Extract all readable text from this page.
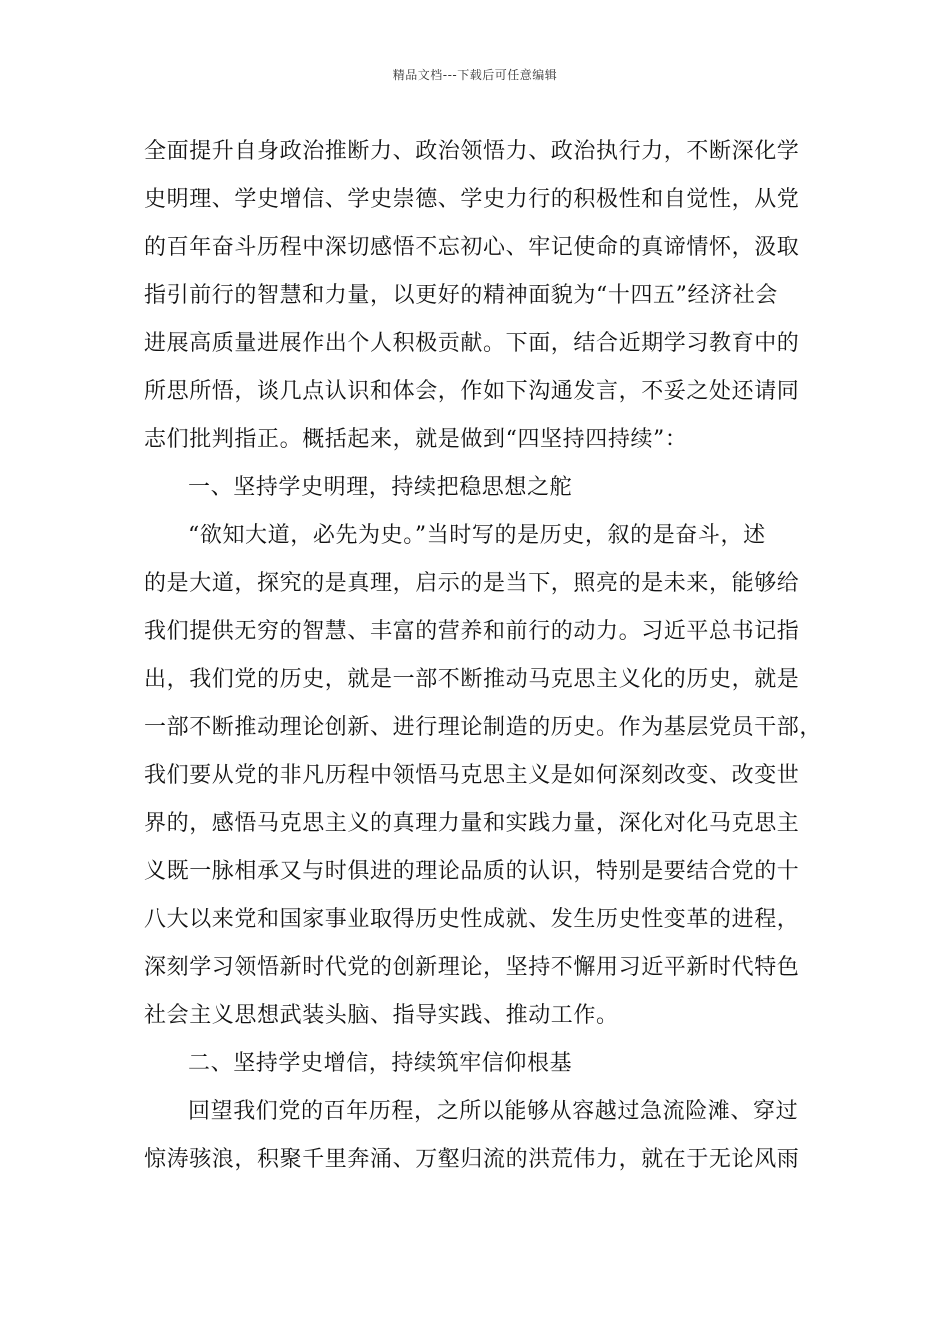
精品文档---下载后可任意编辑
全面提升自身政治推断力、政治领悟力、政治执行力，不断深化学
史明理、学史增信、学史崇德、学史力行的积极性和自觉性，从党
的百年奋斗历程中深切感悟不忘初心、牢记使命的真谛情怀，汲取
指引前行的智慧和力量，以更好的精神面貌为“十四五”经济社会
进展高质量进展作出个人积极贡献。下面，结合近期学习教育中的
所思所悟，谈几点认识和体会，作如下沟通发言，不妥之处还请同
志们批判指正。概括起来，就是做到“四坚持四持续”：
一、坚持学史明理，持续把稳思想之舵
“欲知大道，必先为史。”当时写的是历史，叙的是奋斗，述
的是大道，探究的是真理，启示的是当下，照亮的是未来，能够给
我们提供无穷的智慧、丰富的营养和前行的动力。习近平总书记指
出，我们党的历史，就是一部不断推动马克思主义化的历史，就是
一部不断推动理论创新、进行理论制造的历史。作为基层党员干部，
我们要从党的非凡历程中领悟马克思主义是如何深刻改变、改变世
界的，感悟马克思主义的真理力量和实践力量，深化对化马克思主
义既一脉相承又与时俱进的理论品质的认识，特别是要结合党的十
八大以来党和国家事业取得历史性成就、发生历史性变革的进程，
深刻学习领悟新时代党的创新理论，坚持不懈用习近平新时代特色
社会主义思想武装头脑、指导实践、推动工作。
二、坚持学史增信，持续筑牢信仰根基
回望我们党的百年历程，之所以能够从容越过急流险滩、穿过
惊涛骇浪，积聚千里奔涌、万壑归流的洪荒伟力，就在于无论风雨
